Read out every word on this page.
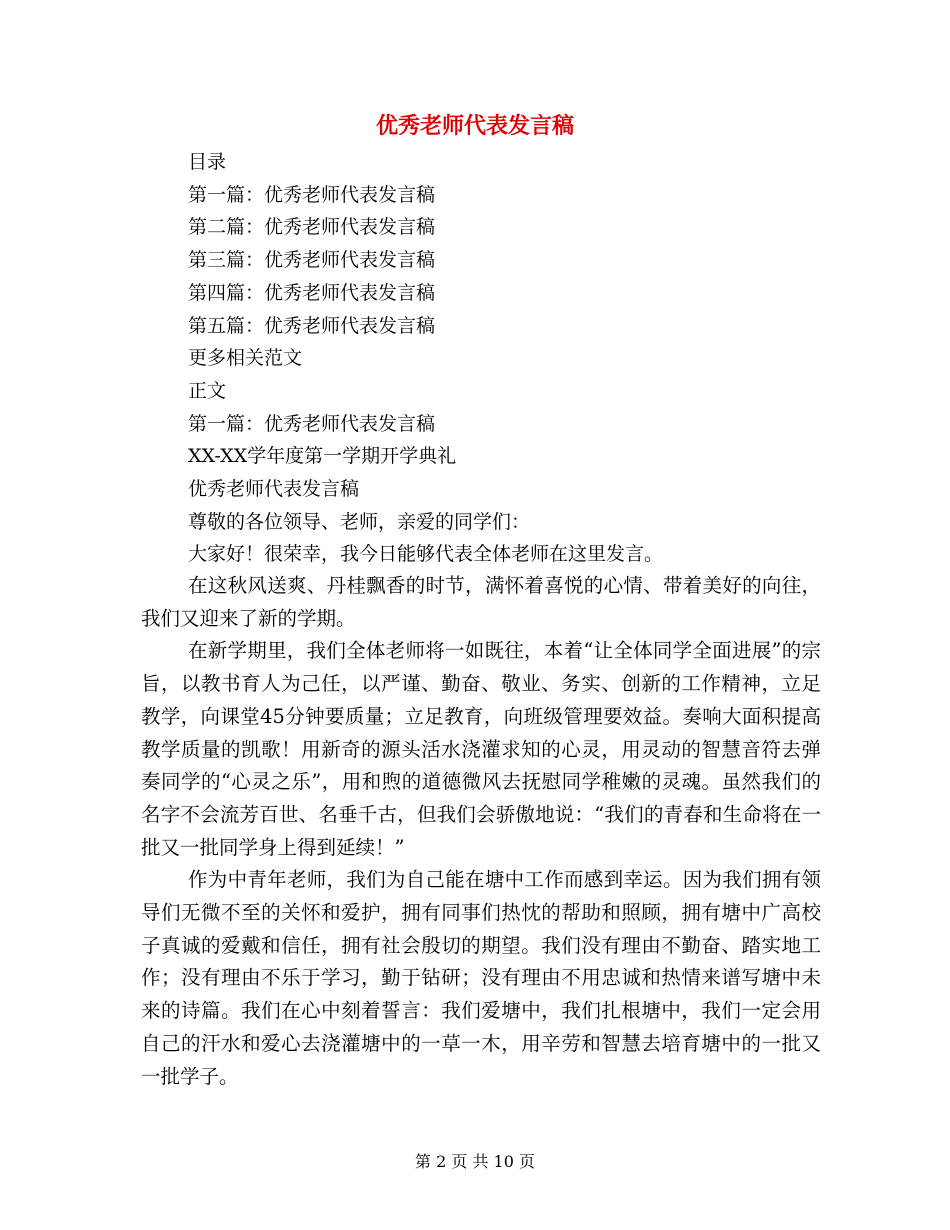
优秀老师代表发言稿
目录
第一篇：优秀老师代表发言稿
第二篇：优秀老师代表发言稿
第三篇：优秀老师代表发言稿
第四篇：优秀老师代表发言稿
第五篇：优秀老师代表发言稿
更多相关范文
正文
第一篇：优秀老师代表发言稿
XX-XX学年度第一学期开学典礼
优秀老师代表发言稿
尊敬的各位领导、老师，亲爱的同学们：
大家好！很荣幸，我今日能够代表全体老师在这里发言。

在这秋风送爽、丹桂飘香的时节，满怀着喜悦的心情、带着美好的向往，我们又迎来了新的学期。

在新学期里，我们全体老师将一如既往，本着“让全体同学全面进展”的宗旨，以教书育人为己任，以严谨、勤奋、敬业、务实、创新的工作精神，立足教学，向课堂45分钟要质量；立足教育，向班级管理要效益。奏响大面积提高教学质量的凯歌！用新奇的源头活水浇灌求知的心灵，用灵动的智慧音符去弹奏同学的“心灵之乐”，用和煦的道德微风去抚慰同学稚嫩的灵魂。虽然我们的名字不会流芳百世、名垂千古，但我们会骄傲地说：“我们的青春和生命将在一批又一批同学身上得到延续！”

作为中青年老师，我们为自己能在塘中工作而感到幸运。因为我们拥有领导们无微不至的关怀和爱护，拥有同事们热忱的帮助和照顾，拥有塘中广高校子真诚的爱戴和信任，拥有社会殷切的期望。我们没有理由不勤奋、踏实地工作；没有理由不乐于学习，勤于钻研；没有理由不用忠诚和热情来谱写塘中未来的诗篇。我们在心中刻着誓言：我们爱塘中，我们扎根塘中，我们一定会用自己的汗水和爱心去浇灌塘中的一草一木，用辛劳和智慧去培育塘中的一批又一批学子。

第 2 页 共 10 页
